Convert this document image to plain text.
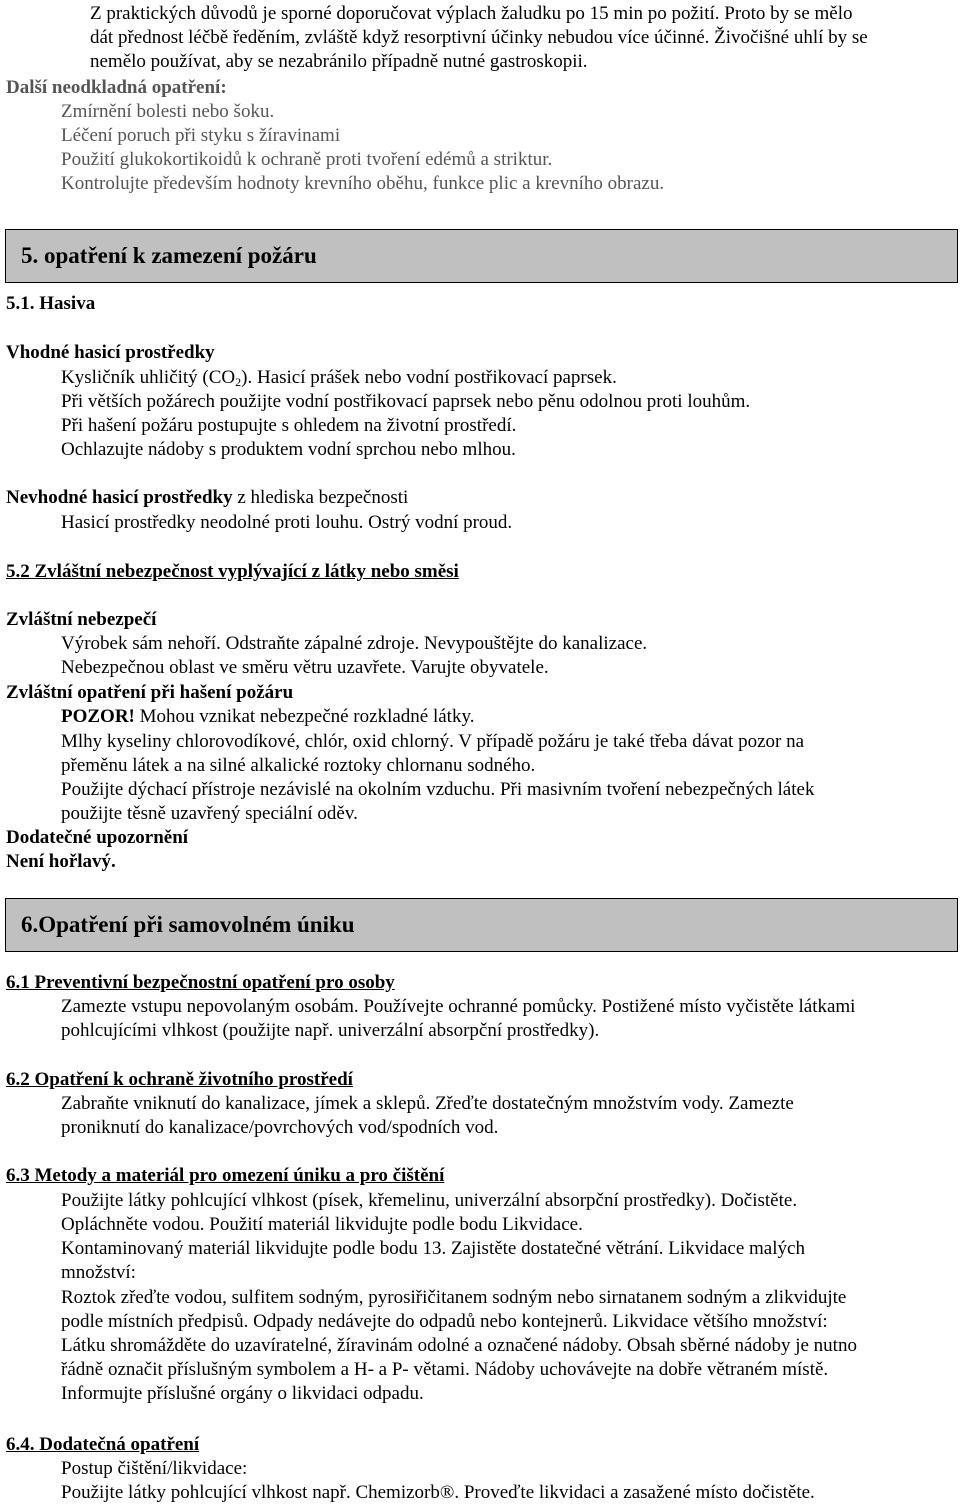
Z praktických důvodů je sporné doporučovat výplach žaludku po 15 min po požití. Proto by se mělo
dát přednost léčbě ředěním, zvláště když resorptivní účinky nebudou více účinné. Živočišné uhlí by se
nemělo používat, aby se nezabránilo případně nutné gastroskopii.
Další neodkladná opatření:
Zmírnění bolesti nebo šoku.
Léčení poruch při styku s žíravinami
Použití glukokortikoidů k ochraně proti tvoření edémů a striktur.
Kontrolujte především hodnoty krevního oběhu, funkce plic a krevního obrazu.
5. opatření k zamezení požáru
5.1. Hasiva
Vhodné hasicí prostředky
Kysličník uhličitý $(CO_2)$. Hasicí prášek nebo vodní postřikovací paprsek.
Při větších požárech použijte vodní postřikovací paprsek nebo pěnu odolnou proti louhům.
Při hašení požáru postupujte s ohledem na životní prostředí.
Ochlazujte nádoby s produktem vodní sprchou nebo mlhou.
Nevhodné hasicí prostředky z hlediska bezpečnosti
Hasicí prostředky neodolné proti louhu. Ostrý vodní proud.
5.2 Zvláštní nebezpečnost vyplývající z látky nebo směsi
Zvláštní nebezpečí
Výrobek sám nehoří. Odstraňte zápalné zdroje. Nevypouštějte do kanalizace.
Nebezpečnou oblast ve směru větru uzavřete. Varujte obyvatele.
Zvláštní opatření při hašení požáru
POZOR! Mohou vznikat nebezpečné rozkladné látky.
Mlhy kyseliny chlorovodíkové, chlór, oxid chlorný. V případě požáru je také třeba dávat pozor na
přeměnu látek a na silné alkalické roztoky chlornanu sodného.
Použijte dýchací přístroje nezávislé na okolním vzduchu. Při masivním tvoření nebezpečných látek
použijte těsně uzavřený speciální oděv.
Dodatečné upozornění
Není hořlavý.
6.Opatření při samovolném úniku
6.1 Preventivní bezpečnostní opatření pro osoby
Zamezte vstupu nepovolaným osobám. Používejte ochranné pomůcky. Postižené místo vyčistěte látkami
pohlcujícími vlhkost (použijte např. univerzální absorpční prostředky).
6.2 Opatření k ochraně životního prostředí
Zabraňte vniknutí do kanalizace, jímek a sklepů. Zřeďte dostatečným množstvím vody. Zamezte
proniknutí do kanalizace/povrchových vod/spodních vod.
6.3 Metody a materiál pro omezení úniku a pro čištění
Použijte látky pohlcující vlhkost (písek, křemelinu, univerzální absorpční prostředky). Dočistěte.
Opláchněte vodou. Použití materiál likvidujte podle bodu Likvidace.
Kontaminovaný materiál likvidujte podle bodu 13. Zajistěte dostatečné větrání. Likvidace malých
množství:
Roztok zřeďte vodou, sulfitem sodným, pyrosiřičitanem sodným nebo sirnatanem sodným a zlikvidujte
podle místních předpisů. Odpady nedávejte do odpadů nebo kontejnerů. Likvidace většího množství:
Látku shromážděte do uzavíratelné, žíravinám odolné a označené nádoby. Obsah sběrné nádoby je nutno
řádně označit příslušným symbolem a H- a P- větami. Nádoby uchovávejte na dobře větraném místě.
Informujte příslušné orgány o likvidaci odpadu.
6.4. Dodatečná opatření
Postup čištění/likvidace:
Použijte látky pohlcující vlhkost např. Chemizorb®. Proveďte likvidaci a zasažené místo dočistěte.
